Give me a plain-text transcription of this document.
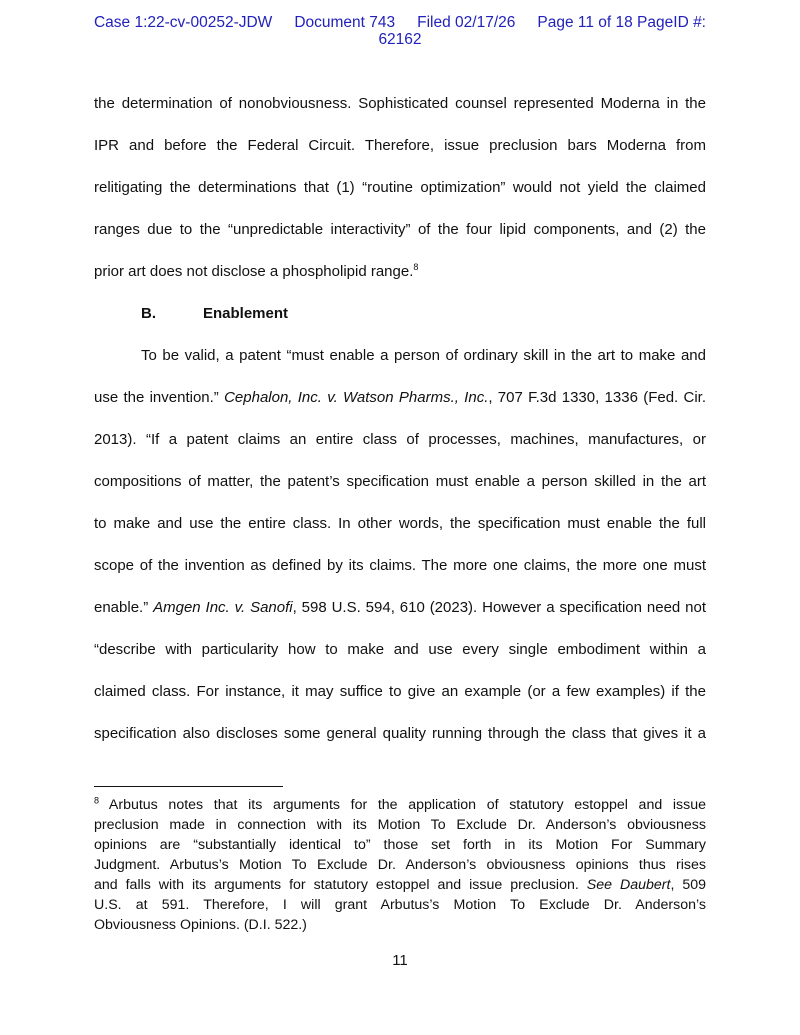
Case 1:22-cv-00252-JDW Document 743 Filed 02/17/26 Page 11 of 18 PageID #:
62162
the determination of nonobviousness. Sophisticated counsel represented Moderna in the
IPR and before the Federal Circuit. Therefore, issue preclusion bars Moderna from
relitigating the determinations that (1) “routine optimization” would not yield the claimed
ranges due to the “unpredictable interactivity” of the four lipid components, and (2) the
prior art does not disclose a phospholipid range.$^8$
To be valid, a patent “must enable a person of ordinary skill in the art to make and
use the invention.” Cephalon, Inc. v. Watson Pharms., Inc., 707 F.3d 1330, 1336 (Fed. Cir.
2013). “If a patent claims an entire class of processes, machines, manufactures, or
compositions of matter, the patent’s specification must enable a person skilled in the art
to make and use the entire class. In other words, the specification must enable the full
scope of the invention as defined by its claims. The more one claims, the more one must
enable.” Amgen Inc. v. Sanofi, 598 U.S. 594, 610 (2023). However a specification need not
“describe with particularity how to make and use every single embodiment within a
claimed class. For instance, it may suffice to give an example (or a few examples) if the
specification also discloses some general quality running through the class that gives it a
B.	Enablement
$^8$ Arbutus notes that its arguments for the application of statutory estoppel and issue
preclusion made in connection with its Motion To Exclude Dr. Anderson’s obviousness
opinions are “substantially identical to” those set forth in its Motion For Summary
Judgment. Arbutus’s Motion To Exclude Dr. Anderson’s obviousness opinions thus rises
and falls with its arguments for statutory estoppel and issue preclusion. See Daubert, 509
U.S. at 591. Therefore, I will grant Arbutus’s Motion To Exclude Dr. Anderson’s
Obviousness Opinions. (D.I. 522.)
11
